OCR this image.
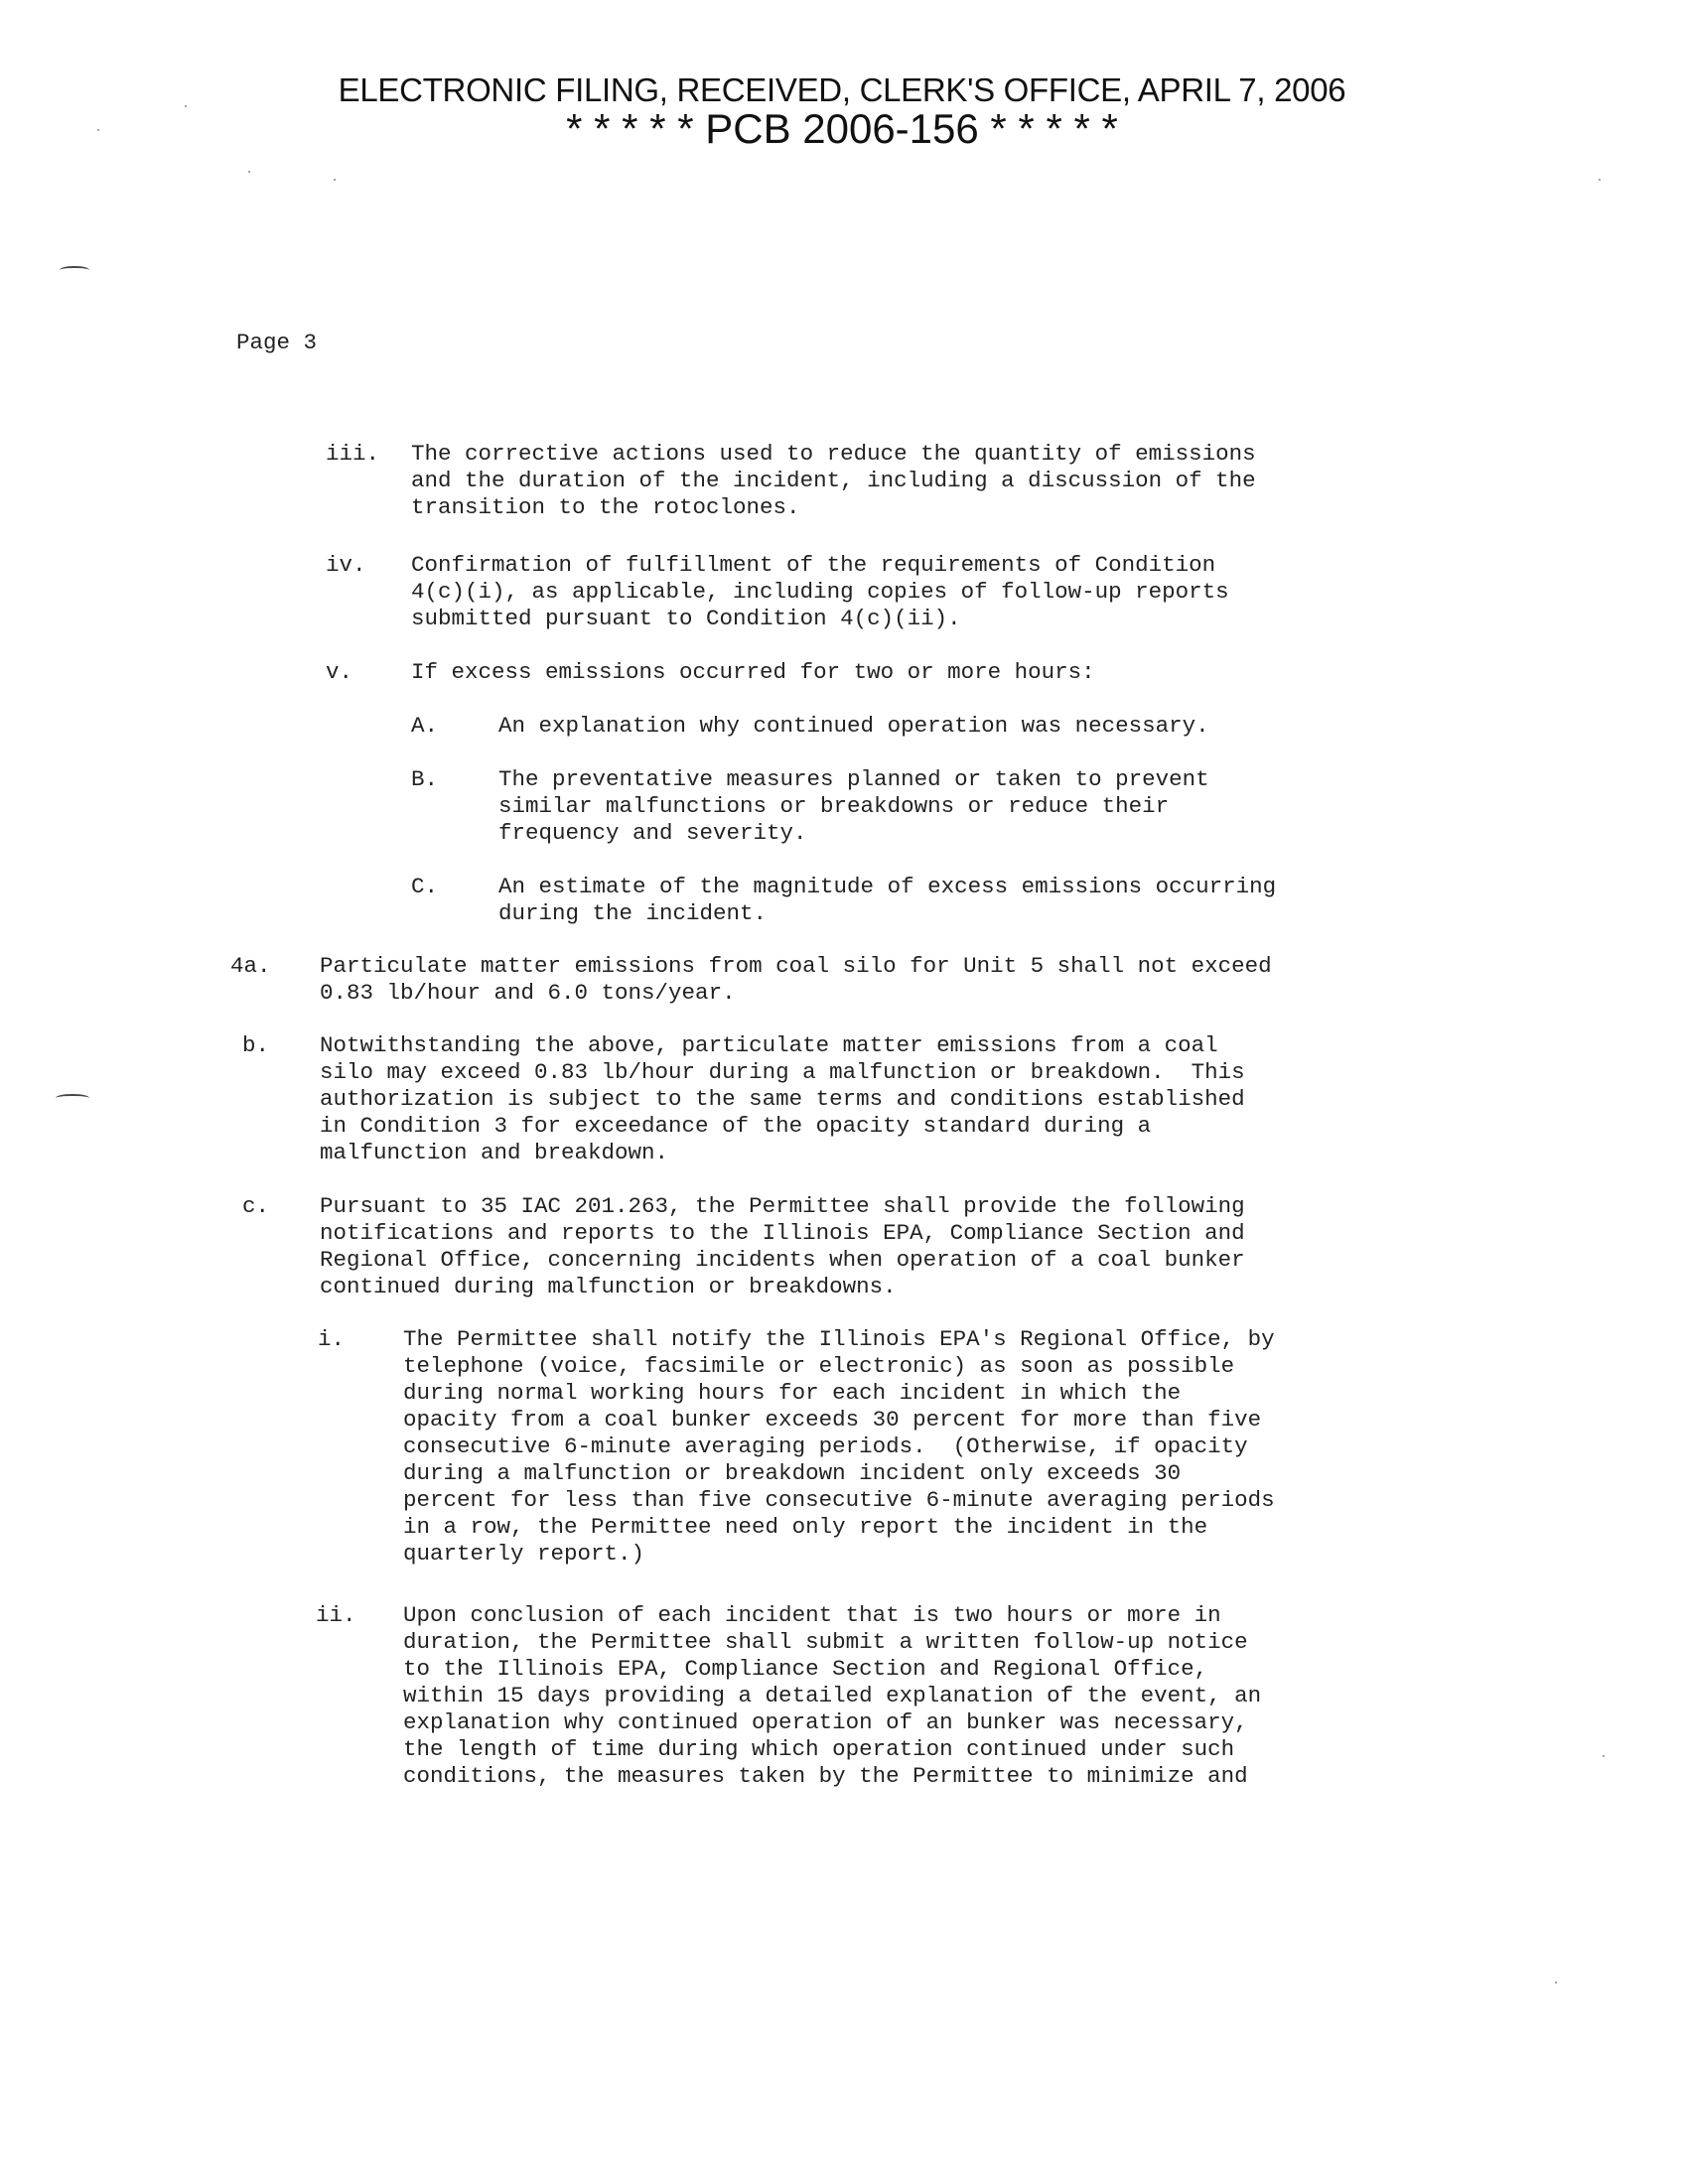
ELECTRONIC FILING, RECEIVED, CLERK'S OFFICE, APRIL 7, 2006
* * * * * PCB 2006-156 * * * * *
Page 3
iii. The corrective actions used to reduce the quantity of emissions
and the duration of the incident, including a discussion of the
transition to the rotoclones.
iv. Confirmation of fulfillment of the requirements of Condition
4(c)(i), as applicable, including copies of follow-up reports
submitted pursuant to Condition 4(c)(ii).
v.	If excess emissions occurred for two or more hours:
A.	An explanation why continued operation was necessary.
B.	The preventative measures planned or taken to prevent
similar malfunctions or breakdowns or reduce their
frequency and severity.
C.	An estimate of the magnitude of excess emissions occurring
during the incident.
4a. Particulate matter emissions from coal silo for Unit 5 shall not exceed
0.83 lb/hour and 6.0 tons/year.
b. Notwithstanding the above, particulate matter emissions from a coal
silo may exceed 0.83 lb/hour during a malfunction or breakdown.  This
authorization is subject to the same terms and conditions established
in Condition 3 for exceedance of the opacity standard during a
malfunction and breakdown.
c. Pursuant to 35 IAC 201.263, the Permittee shall provide the following
notifications and reports to the Illinois EPA, Compliance Section and
Regional Office, concerning incidents when operation of a coal bunker
continued during malfunction or breakdowns.
i.	The Permittee shall notify the Illinois EPA's Regional Office, by
telephone (voice, facsimile or electronic) as soon as possible
during normal working hours for each incident in which the
opacity from a coal bunker exceeds 30 percent for more than five
consecutive 6-minute averaging periods.  (Otherwise, if opacity
during a malfunction or breakdown incident only exceeds 30
percent for less than five consecutive 6-minute averaging periods
in a row, the Permittee need only report the incident in the
quarterly report.)
ii. Upon conclusion of each incident that is two hours or more in
duration, the Permittee shall submit a written follow-up notice
to the Illinois EPA, Compliance Section and Regional Office,
within 15 days providing a detailed explanation of the event, an
explanation why continued operation of an bunker was necessary,
the length of time during which operation continued under such
conditions, the measures taken by the Permittee to minimize and
